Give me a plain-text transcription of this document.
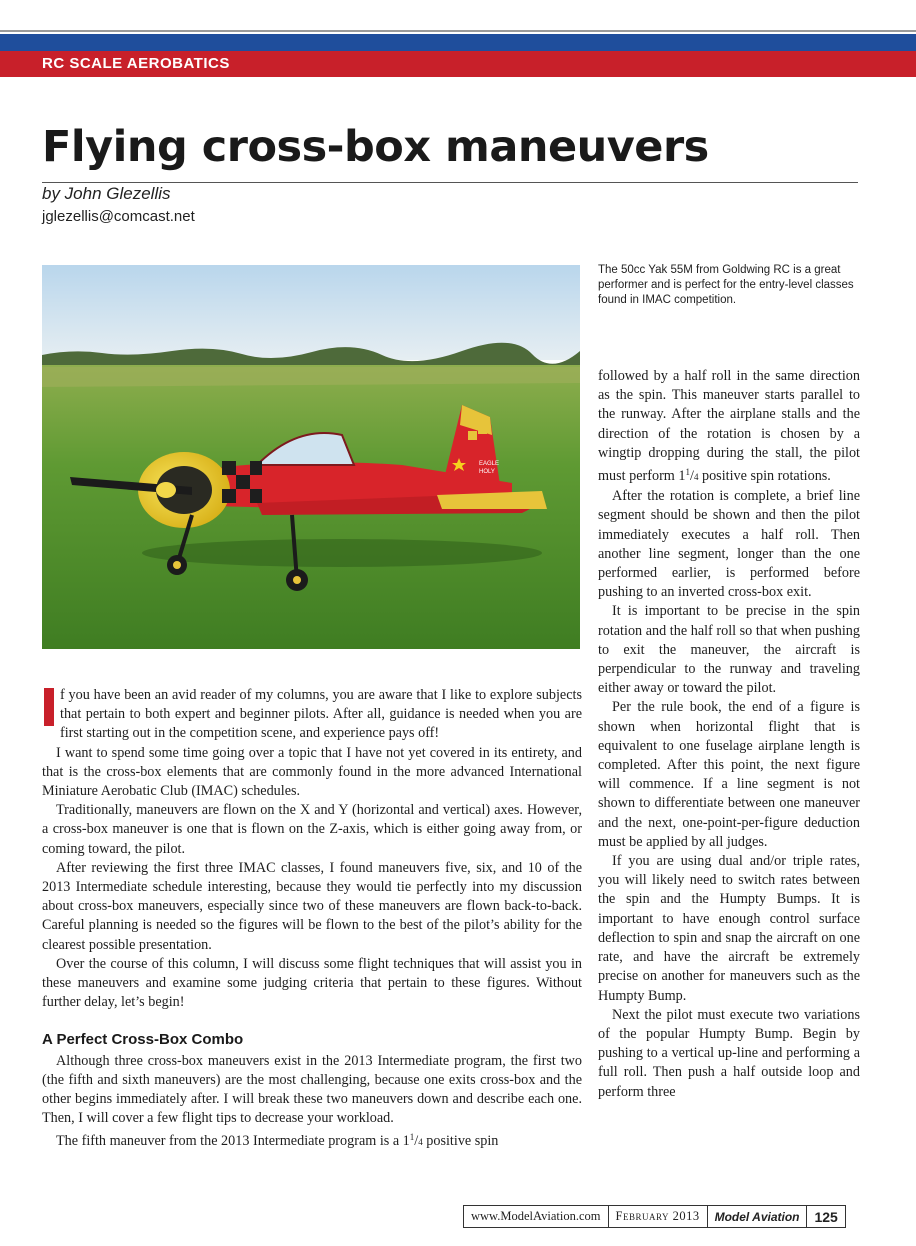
RC SCALE AEROBATICS
Flying cross-box maneuvers
by John Glezellis
jglezellis@comcast.net
EAGLE
HOLY
The 50cc Yak 55M from Goldwing RC is a great performer and is perfect for the entry-level classes found in IMAC competition.

f you have been an avid reader of my columns, you are aware that I like to explore subjects that pertain to both expert and beginner pilots. After all, guidance is needed when you are first starting out in the competition scene, and experience pays off!

I want to spend some time going over a topic that I have not yet covered in its entirety, and that is the cross-box elements that are commonly found in the more advanced International Miniature Aerobatic Club (IMAC) schedules.

Traditionally, maneuvers are flown on the X and Y (horizontal and vertical) axes. However, a cross-box maneuver is one that is flown on the Z-axis, which is either going away from, or coming toward, the pilot.

After reviewing the first three IMAC classes, I found maneuvers five, six, and 10 of the 2013 Intermediate schedule interesting, because they would tie perfectly into my discussion about cross-box maneuvers, especially since two of these maneuvers are flown back-to-back. Careful planning is needed so the figures will be flown to the best of the pilot’s ability for the clearest possible presentation.

Over the course of this column, I will discuss some flight techniques that will assist you in these maneuvers and examine some judging criteria that pertain to these figures. Without further delay, let’s begin!

A Perfect Cross-Box Combo

Although three cross-box maneuvers exist in the 2013 Intermediate program, the first two (the fifth and sixth maneuvers) are the most challenging, because one exits cross-box and the other begins immediately after. I will break these two maneuvers down and describe each one. Then, I will cover a few flight tips to decrease your workload.

The fifth maneuver from the 2013 Intermediate program is a $1^1/4$ positive spin

followed by a half roll in the same direction as the spin. This maneuver starts parallel to the runway. After the airplane stalls and the direction of the rotation is chosen by a wingtip dropping during the stall, the pilot must perform $1^1/4$ positive spin rotations.

After the rotation is complete, a brief line segment should be shown and then the pilot immediately executes a half roll. Then another line segment, longer than the one performed earlier, is performed before pushing to an inverted cross-box exit.

It is important to be precise in the spin rotation and the half roll so that when pushing to exit the maneuver, the aircraft is perpendicular to the runway and traveling either away or toward the pilot.

Per the rule book, the end of a figure is shown when horizontal flight that is equivalent to one fuselage airplane length is completed. After this point, the next figure will commence. If a line segment is not shown to differentiate between one maneuver and the next, one-point-per-figure deduction must be applied by all judges.

If you are using dual and/or triple rates, you will likely need to switch rates between the spin and the Humpty Bumps. It is important to have enough control surface deflection to spin and snap the aircraft on one rate, and have the aircraft be extremely precise on another for maneuvers such as the Humpty Bump.

Next the pilot must execute two variations of the popular Humpty Bump. Begin by pushing to a vertical up-line and performing a full roll. Then push a half outside loop and perform three

www.ModelAviation.com	February 2013	Model Aviation	125
